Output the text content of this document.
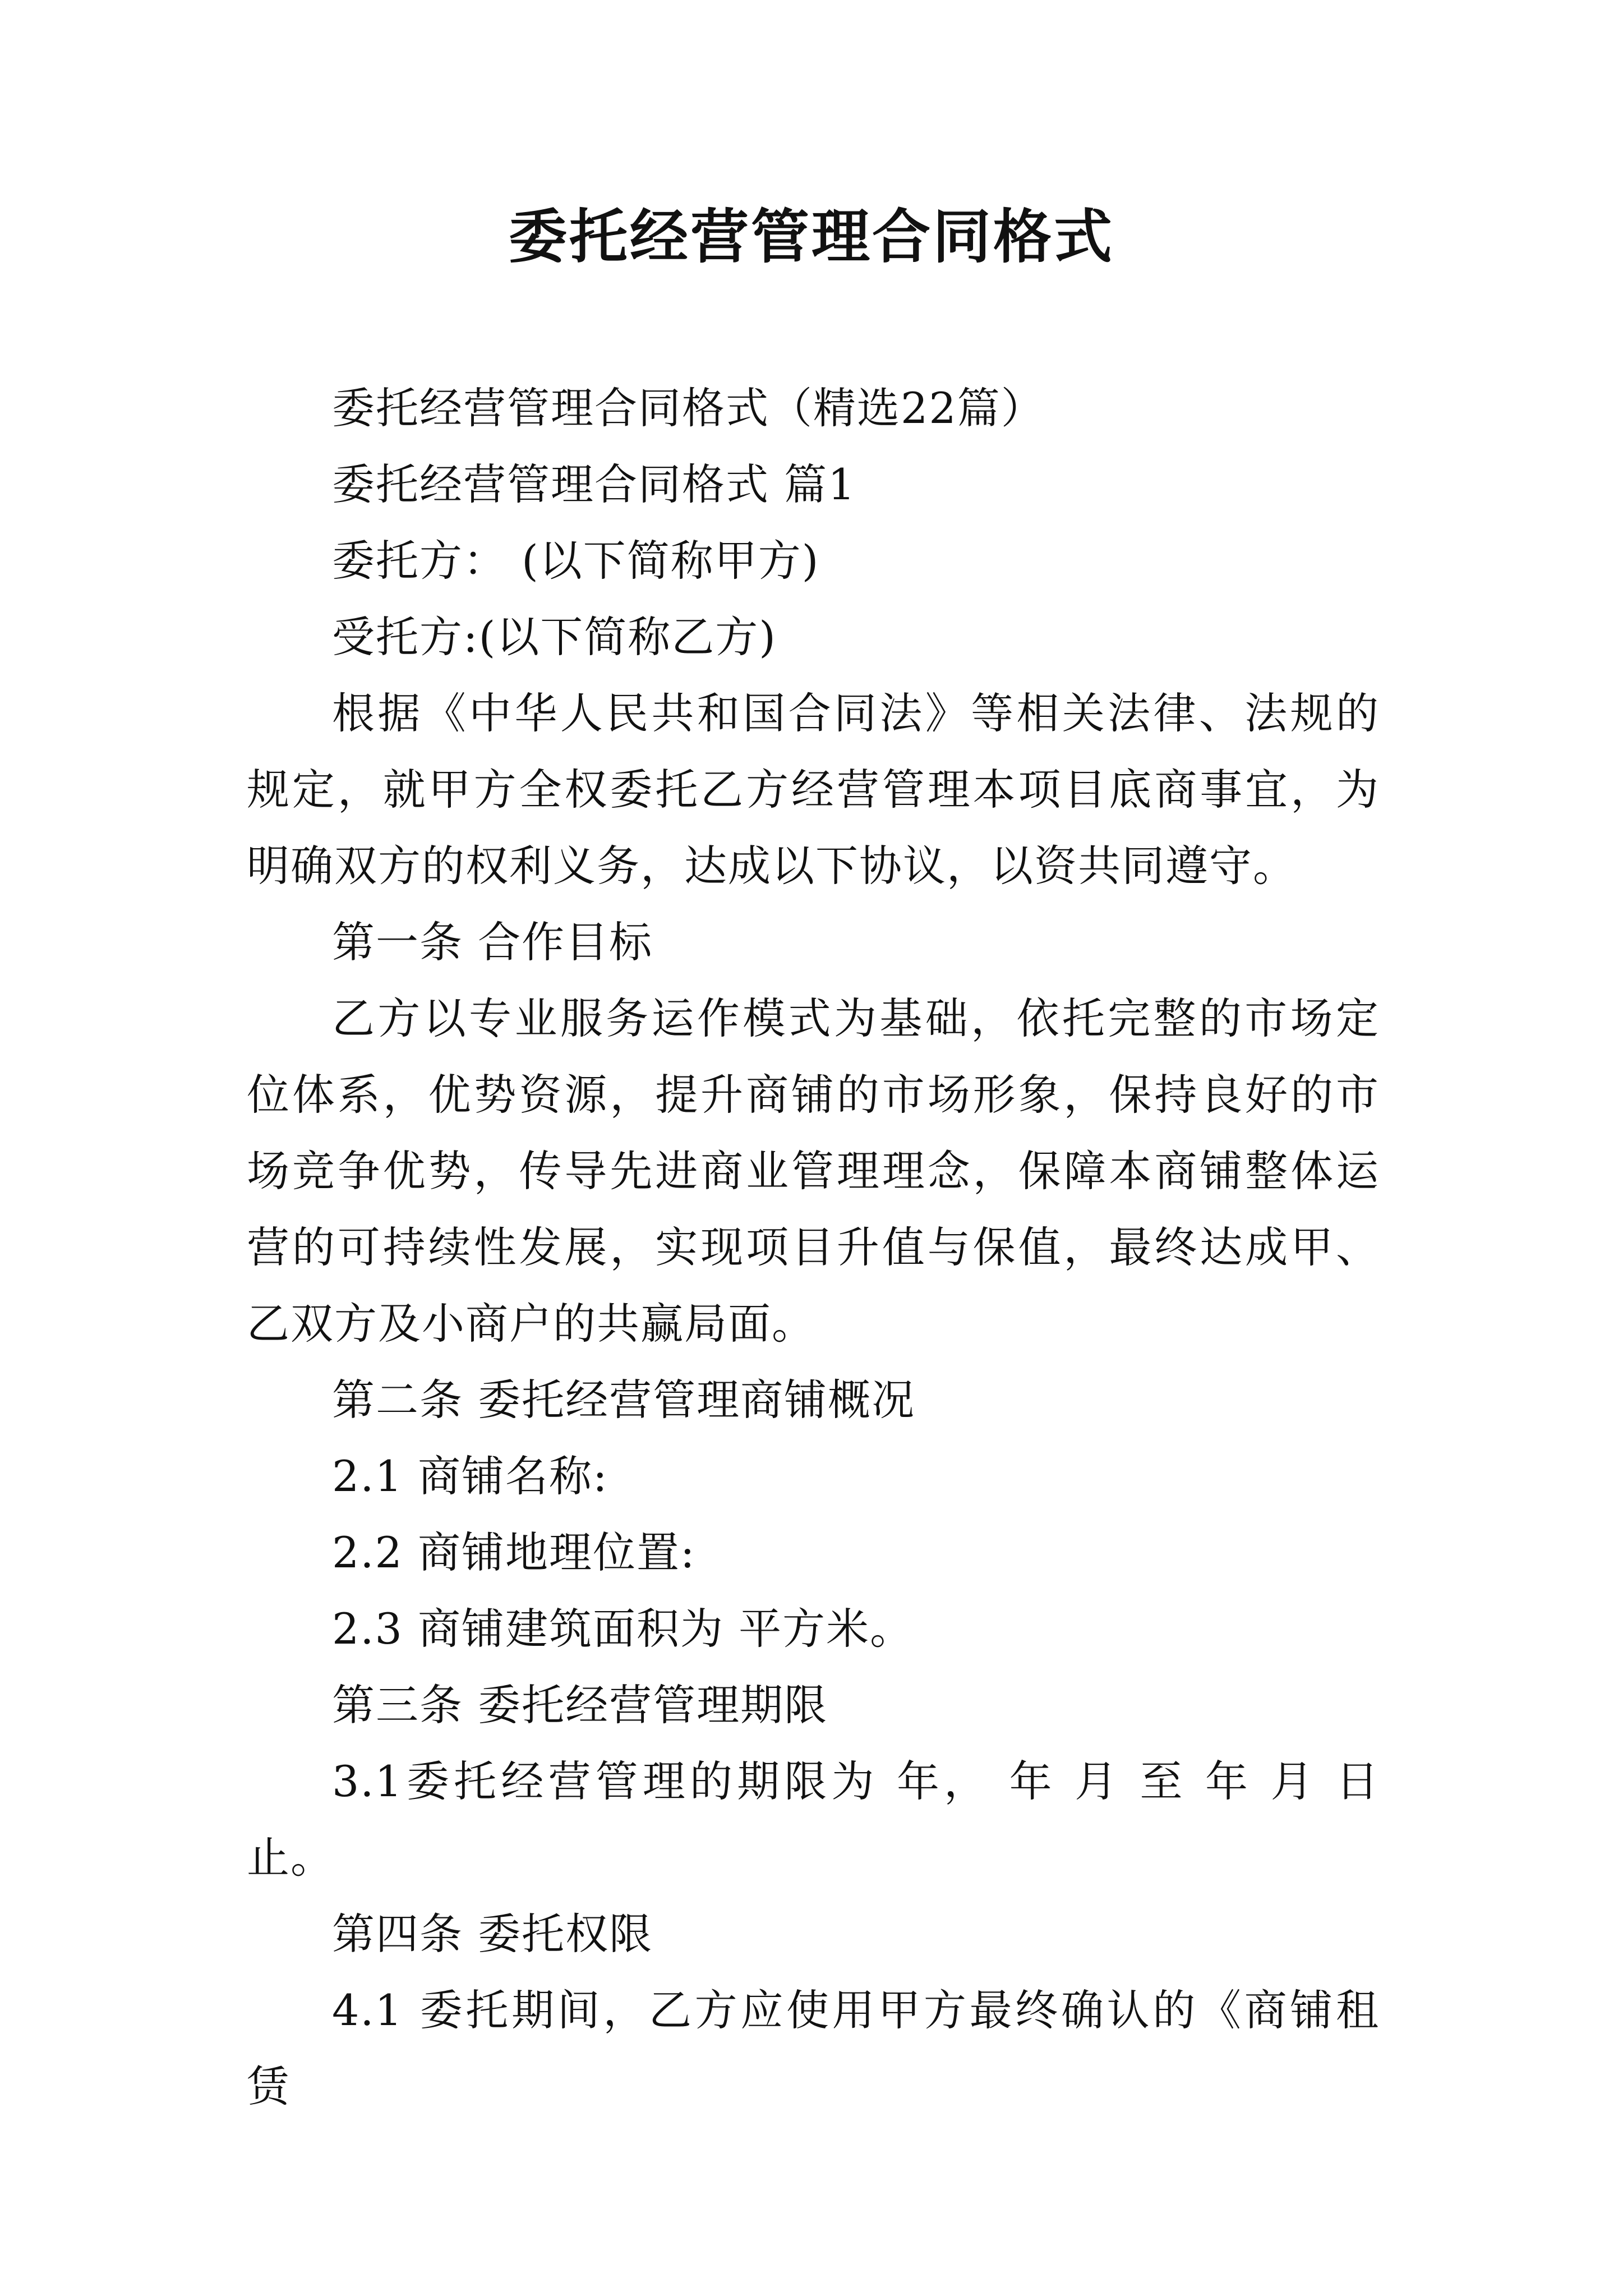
委托经营管理合同格式

委托经营管理合同格式（精选22篇）

委托经营管理合同格式 篇1

委托方： (以下简称甲方)

受托方:(以下简称乙方)

根据《中华人民共和国合同法》等相关法律、法规的规定，就甲方全权委托乙方经营管理本项目底商事宜，为明确双方的权利义务，达成以下协议，以资共同遵守。

第一条 合作目标

乙方以专业服务运作模式为基础，依托完整的市场定位体系，优势资源，提升商铺的市场形象，保持良好的市场竞争优势，传导先进商业管理理念，保障本商铺整体运营的可持续性发展，实现项目升值与保值，最终达成甲、乙双方及小商户的共赢局面。

第二条 委托经营管理商铺概况

2.1 商铺名称:

2.2 商铺地理位置:

2.3 商铺建筑面积为 平方米。

第三条 委托经营管理期限

3.1委托经营管理的期限为 年， 年 月 至 年 月 日止。

第四条 委托权限

4.1 委托期间，乙方应使用甲方最终确认的《商铺租赁
